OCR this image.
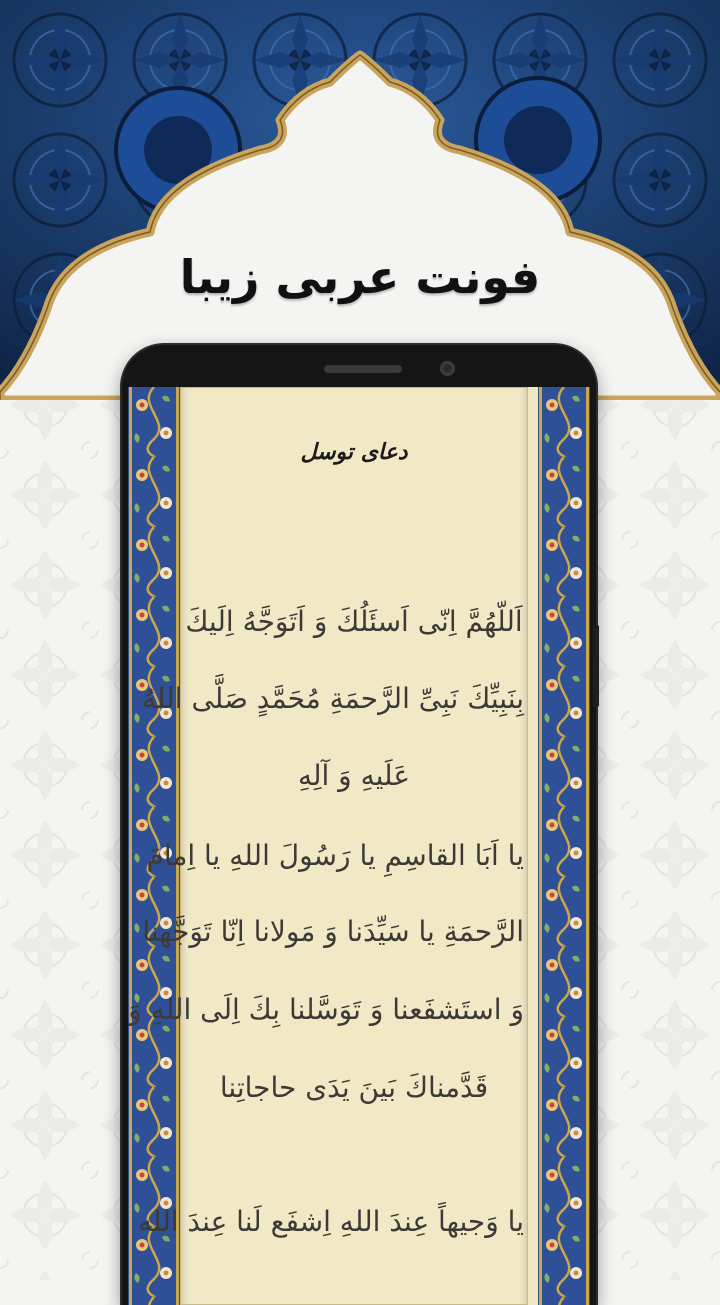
فونت عربی زیبا
دعای توسل
اَللّهُمَّ اِنّی اَسئَلُكَ وَ اَتَوَجَّهُ اِلَیكَ
بِنَبِیِّكَ نَبِیِّ الرَّحمَةِ مُحَمَّدٍ صَلَّی اللهُ
عَلَیهِ وَ آلِهِ
یا اَبَا القاسِمِ یا رَسُولَ اللهِ یا اِمامَ
الرَّحمَةِ یا سَیِّدَنا وَ مَولانا اِنّا تَوَجَّهنا
وَ استَشفَعنا وَ تَوَسَّلنا بِكَ اِلَی اللهِ وَ
قَدَّمناكَ بَینَ یَدَی حاجاتِنا
یا وَجیهاً عِندَ اللهِ اِشفَع لَنا عِندَ الله
